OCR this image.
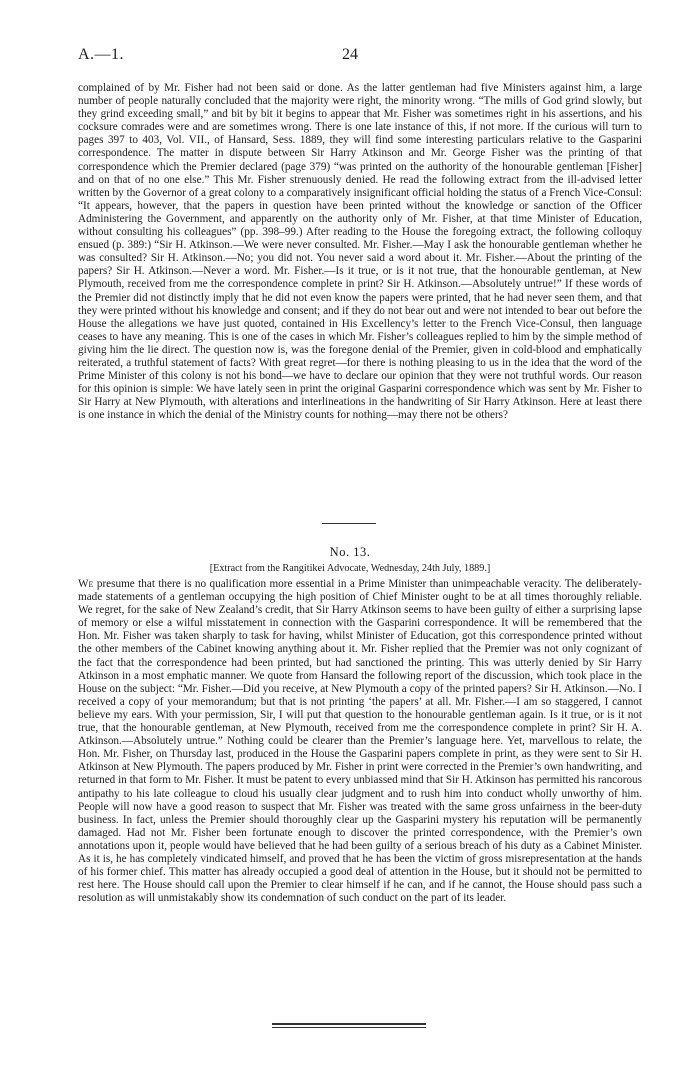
A.—1.	24

complained of by Mr. Fisher had not been said or done. As the latter gentleman had five Ministers against him, a large number of people naturally concluded that the majority were right, the minority wrong. “The mills of God grind slowly, but they grind exceeding small,” and bit by bit it begins to appear that Mr. Fisher was sometimes right in his assertions, and his cocksure comrades were and are sometimes wrong. There is one late instance of this, if not more. If the curious will turn to pages 397 to 403, Vol. VII., of Hansard, Sess. 1889, they will find some interesting particulars relative to the Gasparini correspondence. The matter in dispute between Sir Harry Atkinson and Mr. George Fisher was the printing of that correspondence which the Premier declared (page 379) “was printed on the authority of the honourable gentleman [Fisher] and on that of no one else.” This Mr. Fisher strenuously denied. He read the following extract from the ill-advised letter written by the Governor of a great colony to a comparatively insignificant official holding the status of a French Vice-Consul: “It appears, however, that the papers in question have been printed without the knowledge or sanction of the Officer Administering the Government, and apparently on the authority only of Mr. Fisher, at that time Minister of Education, without consulting his colleagues” (pp. 398–99.) After reading to the House the foregoing extract, the following colloquy ensued (p. 389:) “Sir H. Atkinson.—We were never consulted. Mr. Fisher.—May I ask the honourable gentleman whether he was consulted? Sir H. Atkinson.—No; you did not. You never said a word about it. Mr. Fisher.—About the printing of the papers? Sir H. Atkinson.—Never a word. Mr. Fisher.—Is it true, or is it not true, that the honourable gentleman, at New Plymouth, received from me the correspondence complete in print? Sir H. Atkinson.—Absolutely untrue!” If these words of the Premier did not distinctly imply that he did not even know the papers were printed, that he had never seen them, and that they were printed without his knowledge and consent; and if they do not bear out and were not intended to bear out before the House the allegations we have just quoted, contained in His Excellency’s letter to the French Vice-Consul, then language ceases to have any meaning. This is one of the cases in which Mr. Fisher’s colleagues replied to him by the simple method of giving him the lie direct. The question now is, was the foregone denial of the Premier, given in cold-blood and emphatically reiterated, a truthful statement of facts? With great regret—for there is nothing pleasing to us in the idea that the word of the Prime Minister of this colony is not his bond—we have to declare our opinion that they were not truthful words. Our reason for this opinion is simple: We have lately seen in print the original Gasparini correspondence which was sent by Mr. Fisher to Sir Harry at New Plymouth, with alterations and interlineations in the handwriting of Sir Harry Atkinson. Here at least there is one instance in which the denial of the Ministry counts for nothing—may there not be others?

No. 13.
[Extract from the Rangitikei Advocate, Wednesday, 24th July, 1889.]

We presume that there is no qualification more essential in a Prime Minister than unimpeachable veracity. The deliberately-made statements of a gentleman occupying the high position of Chief Minister ought to be at all times thoroughly reliable. We regret, for the sake of New Zealand’s credit, that Sir Harry Atkinson seems to have been guilty of either a surprising lapse of memory or else a wilful misstatement in connection with the Gasparini correspondence. It will be remembered that the Hon. Mr. Fisher was taken sharply to task for having, whilst Minister of Education, got this correspondence printed without the other members of the Cabinet knowing anything about it. Mr. Fisher replied that the Premier was not only cognizant of the fact that the correspondence had been printed, but had sanctioned the printing. This was utterly denied by Sir Harry Atkinson in a most emphatic manner. We quote from Hansard the following report of the discussion, which took place in the House on the subject: “Mr. Fisher.—Did you receive, at New Plymouth a copy of the printed papers? Sir H. Atkinson.—No. I received a copy of your memorandum; but that is not printing ‘the papers’ at all. Mr. Fisher.—I am so staggered, I cannot believe my ears. With your permission, Sir, I will put that question to the honourable gentleman again. Is it true, or is it not true, that the honourable gentleman, at New Plymouth, received from me the correspondence complete in print? Sir H. A. Atkinson.—Absolutely untrue.” Nothing could be clearer than the Premier’s language here. Yet, marvellous to relate, the Hon. Mr. Fisher, on Thursday last, produced in the House the Gasparini papers complete in print, as they were sent to Sir H. Atkinson at New Plymouth. The papers produced by Mr. Fisher in print were corrected in the Premier’s own handwriting, and returned in that form to Mr. Fisher. It must be patent to every unbiassed mind that Sir H. Atkinson has permitted his rancorous antipathy to his late colleague to cloud his usually clear judgment and to rush him into conduct wholly unworthy of him. People will now have a good reason to suspect that Mr. Fisher was treated with the same gross unfairness in the beer-duty business. In fact, unless the Premier should thoroughly clear up the Gasparini mystery his reputation will be permanently damaged. Had not Mr. Fisher been fortunate enough to discover the printed correspondence, with the Premier’s own annotations upon it, people would have believed that he had been guilty of a serious breach of his duty as a Cabinet Minister. As it is, he has completely vindicated himself, and proved that he has been the victim of gross misrepresentation at the hands of his former chief. This matter has already occupied a good deal of attention in the House, but it should not be permitted to rest here. The House should call upon the Premier to clear himself if he can, and if he cannot, the House should pass such a resolution as will unmistakably show its condemnation of such conduct on the part of its leader.
